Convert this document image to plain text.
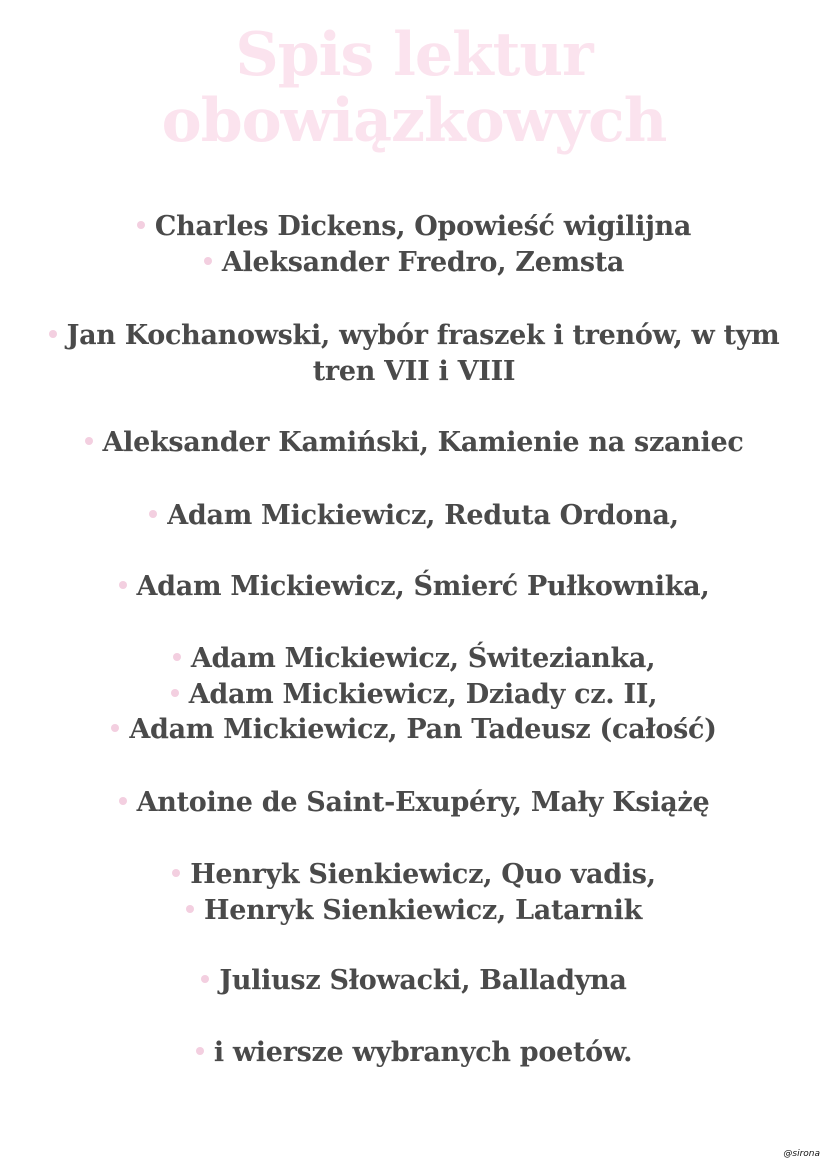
Spis lektur
obowiązkowych
Charles Dickens, Opowieść wigilijna
Aleksander Fredro, Zemsta
Jan Kochanowski, wybór fraszek i trenów, w tym tren VII i VIII
Aleksander Kamiński, Kamienie na szaniec
Adam Mickiewicz, Reduta Ordona,
Adam Mickiewicz, Śmierć Pułkownika,
Adam Mickiewicz, Świtezianka,
Adam Mickiewicz, Dziady cz. II,
Adam Mickiewicz, Pan Tadeusz (całość)
Antoine de Saint-Exupéry, Mały Książę
Henryk Sienkiewicz, Quo vadis,
Henryk Sienkiewicz, Latarnik
Juliusz Słowacki, Balladyna
i wiersze wybranych poetów.
@sirona
